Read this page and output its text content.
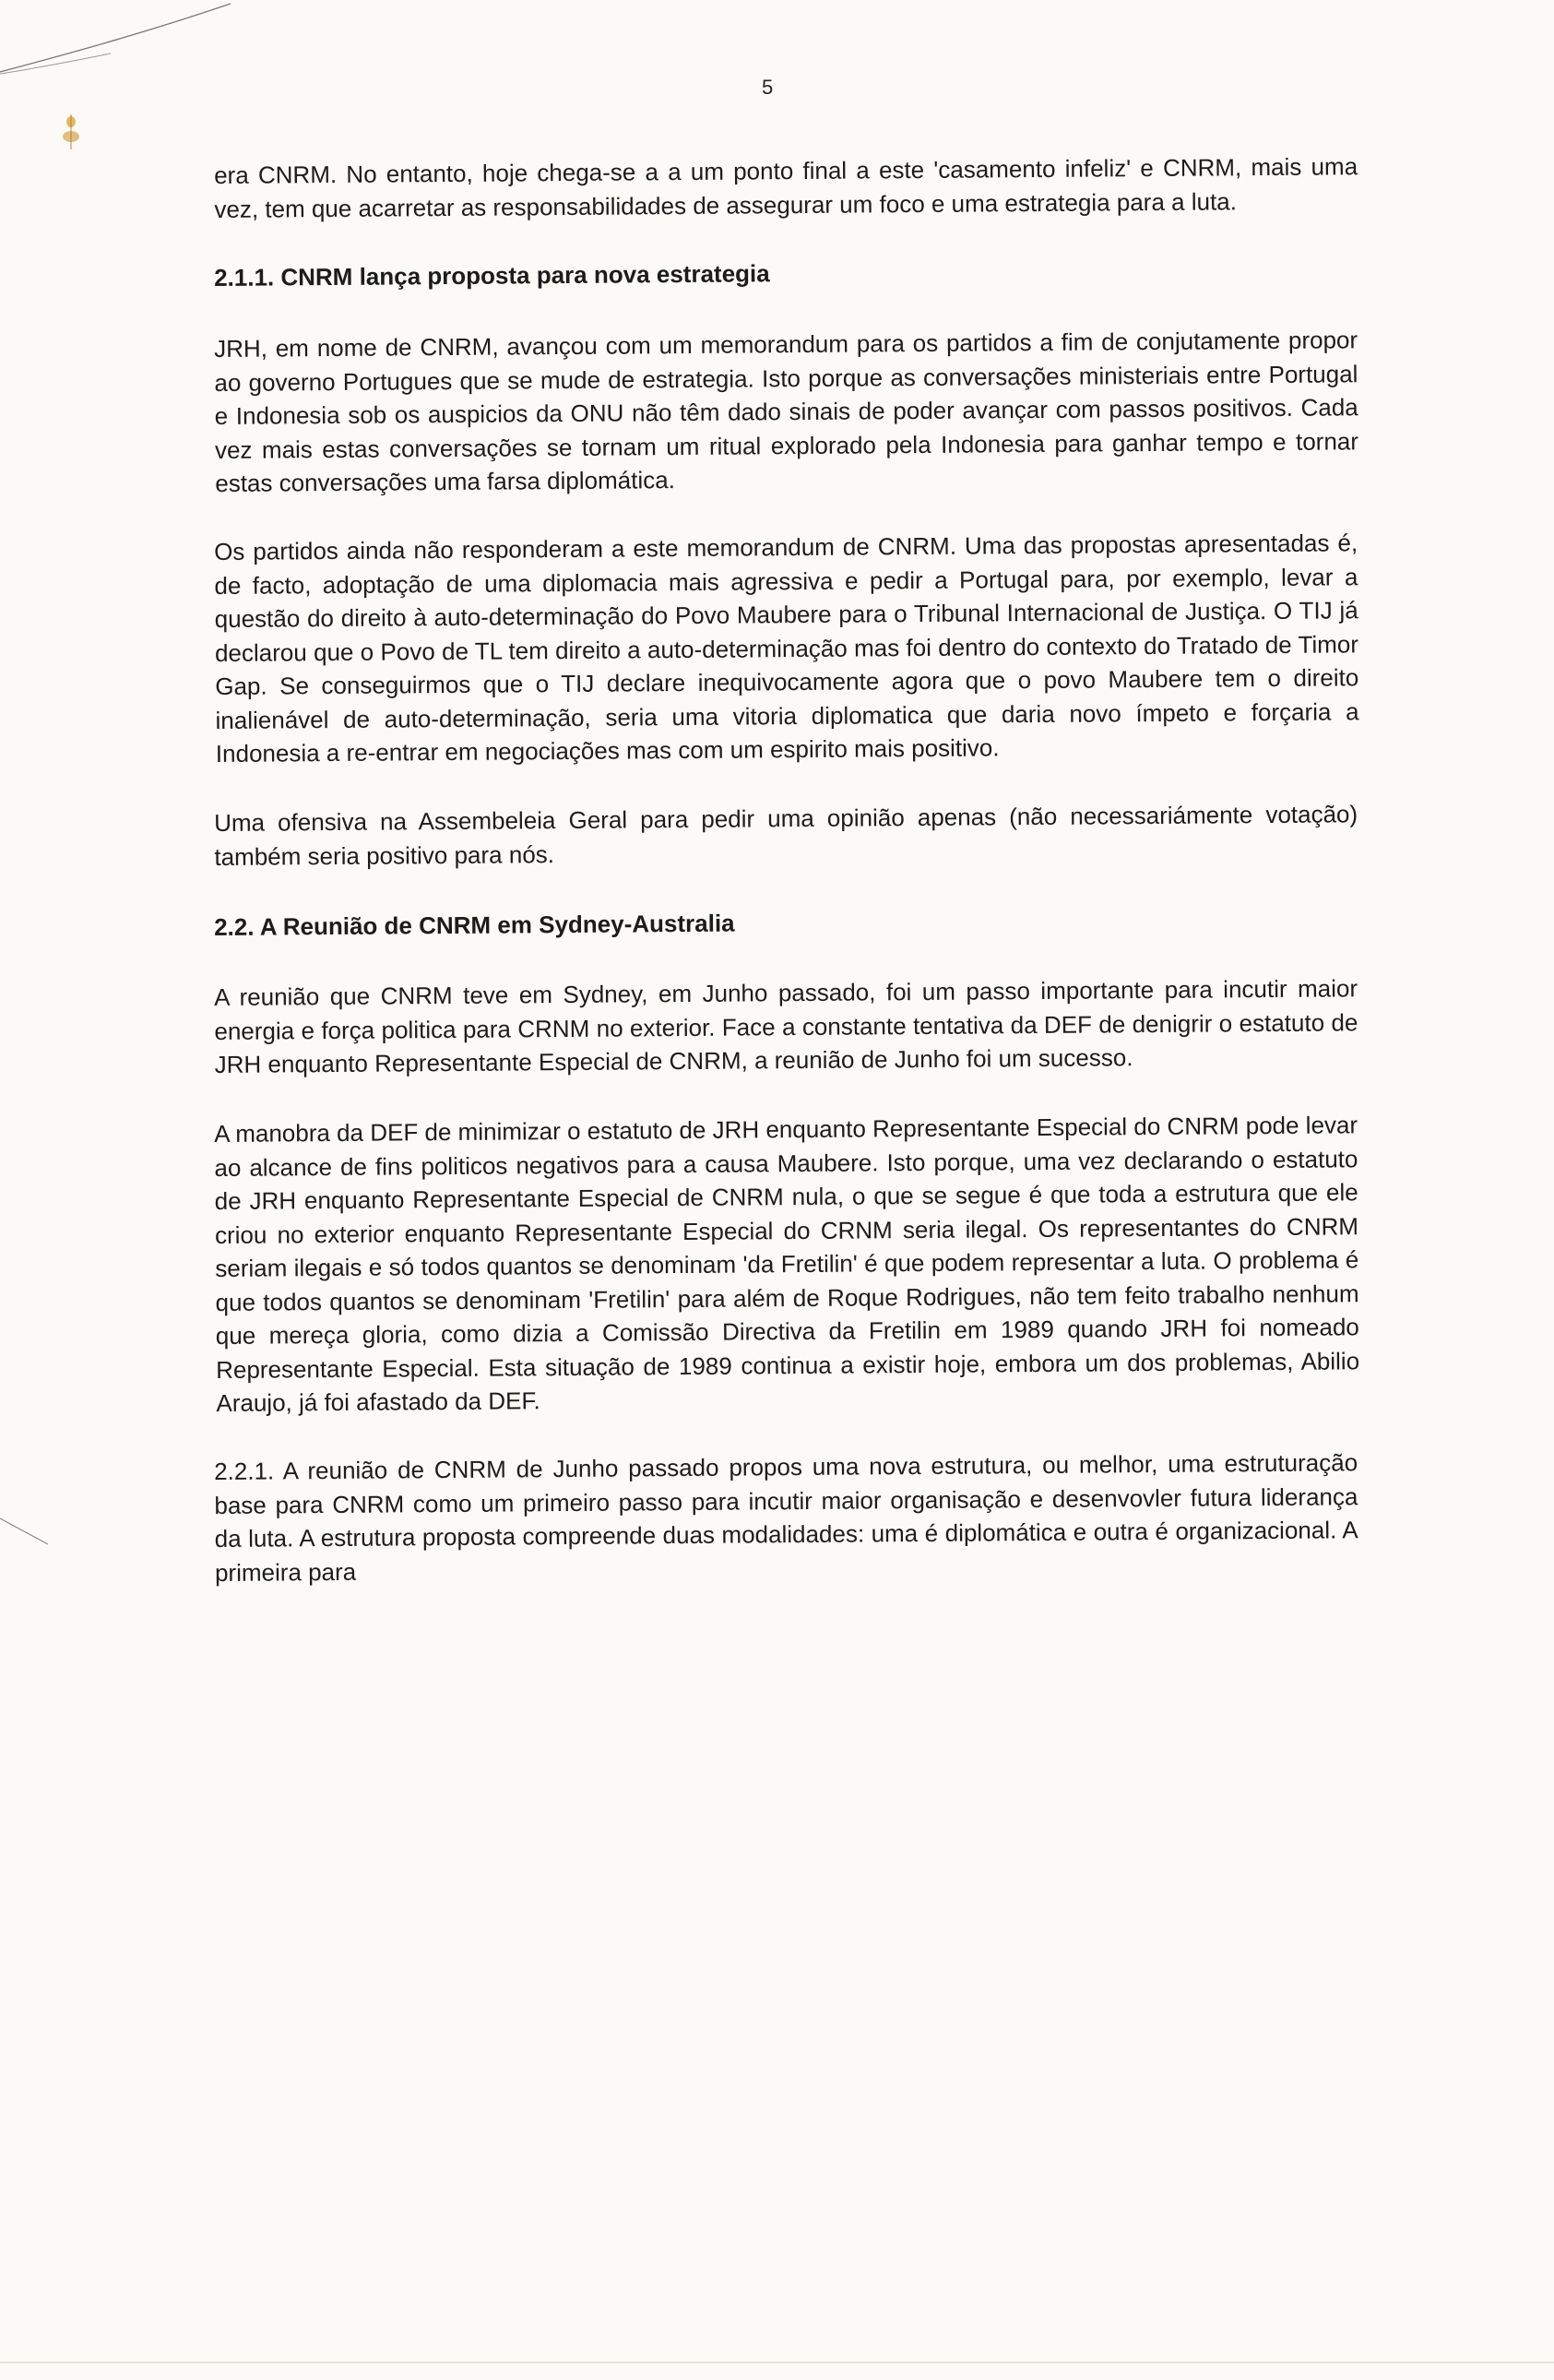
5

era CNRM. No entanto, hoje chega-se a a um ponto final a este 'casamento infeliz' e CNRM, mais uma vez, tem que acarretar as responsabilidades de assegurar um foco e uma estrategia para a luta.

2.1.1. CNRM lança proposta para nova estrategia

JRH, em nome de CNRM, avançou com um memorandum para os partidos a fim de conjutamente propor ao governo Portugues que se mude de estrategia. Isto porque as conversações ministeriais entre Portugal e Indonesia sob os auspicios da ONU não têm dado sinais de poder avançar com passos positivos. Cada vez mais estas conversações se tornam um ritual explorado pela Indonesia para ganhar tempo e tornar estas conversações uma farsa diplomática.

Os partidos ainda não responderam a este memorandum de CNRM. Uma das propostas apresentadas é, de facto, adoptação de uma diplomacia mais agressiva e pedir a Portugal para, por exemplo, levar a questão do direito à auto-determinação do Povo Maubere para o Tribunal Internacional de Justiça. O TIJ já declarou que o Povo de TL tem direito a auto-determinação mas foi dentro do contexto do Tratado de Timor Gap. Se conseguirmos que o TIJ declare inequivocamente agora que o povo Maubere tem o direito inalienável de auto-determinação, seria uma vitoria diplomatica que daria novo ímpeto e forçaria a Indonesia a re-entrar em negociações mas com um espirito mais positivo.

Uma ofensiva na Assembeleia Geral para pedir uma opinião apenas (não necessariámente votação) também seria positivo para nós.

2.2. A Reunião de CNRM em Sydney-Australia

A reunião que CNRM teve em Sydney, em Junho passado, foi um passo importante para incutir maior energia e força politica para CRNM no exterior. Face a constante tentativa da DEF de denigrir o estatuto de JRH enquanto Representante Especial de CNRM, a reunião de Junho foi um sucesso.

A manobra da DEF de minimizar o estatuto de JRH enquanto Representante Especial do CNRM pode levar ao alcance de fins politicos negativos para a causa Maubere. Isto porque, uma vez declarando o estatuto de JRH enquanto Representante Especial de CNRM nula, o que se segue é que toda a estrutura que ele criou no exterior enquanto Representante Especial do CRNM seria ilegal. Os representantes do CNRM seriam ilegais e só todos quantos se denominam 'da Fretilin' é que podem representar a luta. O problema é que todos quantos se denominam 'Fretilin' para além de Roque Rodrigues, não tem feito trabalho nenhum que mereça gloria, como dizia a Comissão Directiva da Fretilin em 1989 quando JRH foi nomeado Representante Especial. Esta situação de 1989 continua a existir hoje, embora um dos problemas, Abilio Araujo, já foi afastado da DEF.

2.2.1. A reunião de CNRM de Junho passado propos uma nova estrutura, ou melhor, uma estruturação base para CNRM como um primeiro passo para incutir maior organisação e desenvovler futura liderança da luta. A estrutura proposta compreende duas modalidades: uma é diplomática e outra é organizacional. A primeira para
